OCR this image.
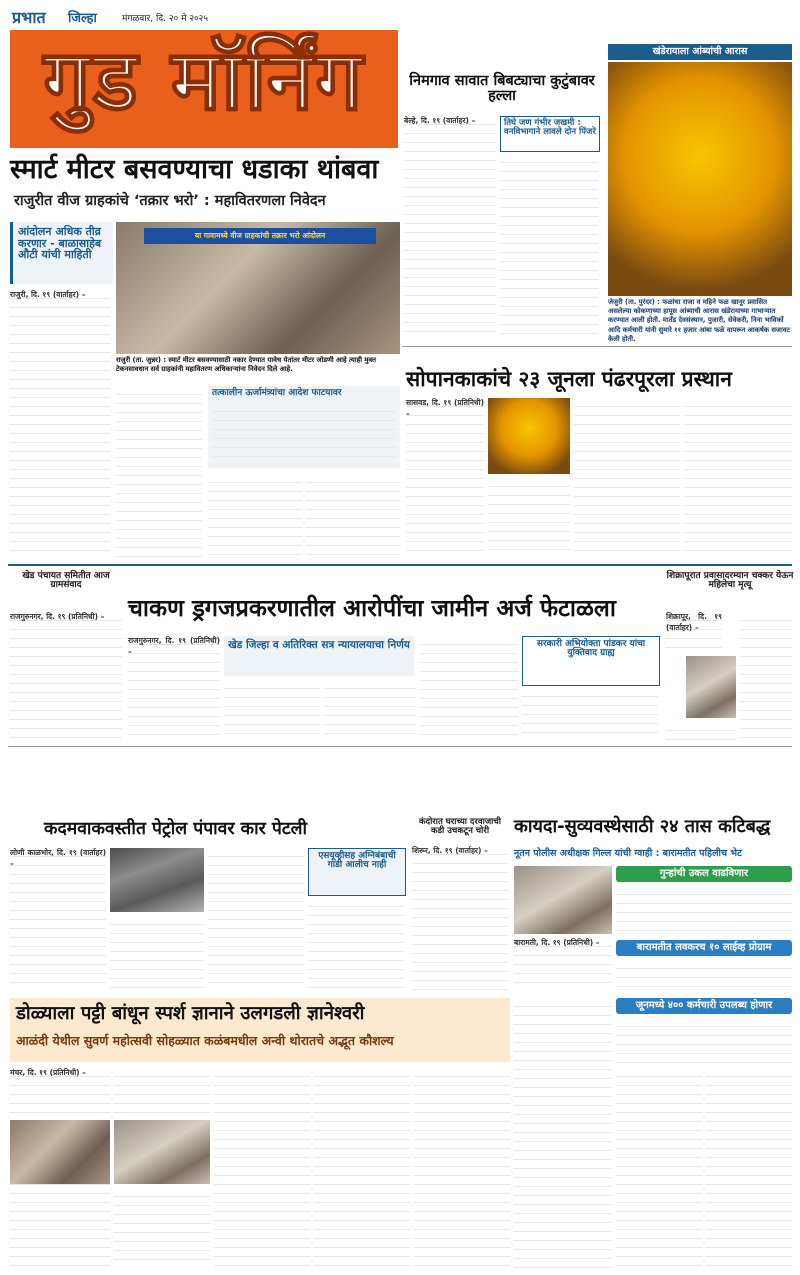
प्रभात जिल्हा	मंगळवार, दि. २० मे २०२५
गुड मॉर्निंग
स्मार्ट मीटर बसवण्याचा धडाका थांबवा
राजुरीत वीज ग्राहकांचे ‘तक्रार भरो’ : महावितरणला निवेदन
आंदोलन अधिक तीव्र करणार - बाळासाहेब औटी यांची माहिती
राजुरी, दि. १९ (वार्ताहर) –
या गावामध्ये वीज ग्राहकांची तक्रार भरो आंदोलन
राजुरी (ता. जुन्नर) : स्मार्ट मीटर बसवण्यासाठी नकार देण्यात यावेच येतांतर मीटर जोडणी आहे त्याही मुक्त टेकनसावधान सर्व ग्राहकांनी महावितरण अधिकाऱ्यांना निवेदन दिले आहे.
तत्कालीन ऊर्जामंत्र्यांचा आदेश फाटयावर
निमगाव सावात बिबट्याचा कुटुंबावर हल्ला
बेल्हे, दि. १९ (वार्ताहर) –	तिघे जण गंभीर जखमी : वनविभागाने लावले दोन पिंजरे
खंडेरायाला आंब्यांची आरास
जेजुरी (ता. पुरंदर) : फळांचा राजा व महिने फळ खानूर प्रवासित असलेल्या कोकणाच्या हापूस आंब्याची आरास खंडेरायाच्या गाभाऱ्यात करण्यात आली होती. मार्तंड देवसंस्थान, पुजारी, सेवेकरी, निना भाविकों आदि कर्मचारी यांनी सुमारे ११ हजार आंबा फळे वापरून आकर्षक सजावट केली होती.
सोपानकाकांचे २३ जूनला पंढरपूरला प्रस्थान
सासवड, दि. १९ (प्रतिनिधी) –
खेड पंचायत समितीत आज ग्रामसंवाद
चाकण ड्रगजप्रकरणातील आरोपींचा जामीन अर्ज फेटाळला
शिक्रापूरात प्रवासादरम्यान चक्कर येऊन महिलेचा मृत्यू
राजगुरुनगर, दि. १९ (प्रतिनिधी) –
राजगुरुनगर, दि. १९ (प्रतिनिधी) –
खेड जिल्हा व अतिरिक्त सत्र न्यायालयाचा निर्णय	सरकारी अभियोक्ता पांडकर यांचा युक्तिवाद ग्राह्य
शिक्रापूर, दि. १९ (वार्ताहर) –
कदमवाकवस्तीत पेट्रोल पंपावर कार पेटली
लोणी काळभोर, दि. १९ (वार्ताहर) –
एसयूव्हीसह अग्निबंबाची गाडी आलीच नाही
कंदोरात घराच्या दरवाजाची कडी उचकटून चोरी
शिरूर, दि. १९ (वार्ताहर) –
कायदा-सुव्यवस्थेसाठी २४ तास कटिबद्ध
नूतन पोलीस अधीक्षक गिल्ल यांची ग्वाही : बारामतीत पहिलीच भेट
बारामती, दि. १९ (प्रतिनिधी) –
गुन्हांची उकल वाढविणार
बारामतीत लवकरच १० लाईव्ह प्रोग्राम
डोळ्याला पट्टी बांधून स्पर्श ज्ञानाने उलगडली ज्ञानेश्वरी
आळंदी येथील सुवर्ण महोत्सवी सोहळ्यात कळंबमधील अन्वी थोरातचे अद्भूत कौशल्य
मंचर, दि. १९ (प्रतिनिधी) –
जूनमध्ये ४०० कर्मचारी उपलब्ध होणार
